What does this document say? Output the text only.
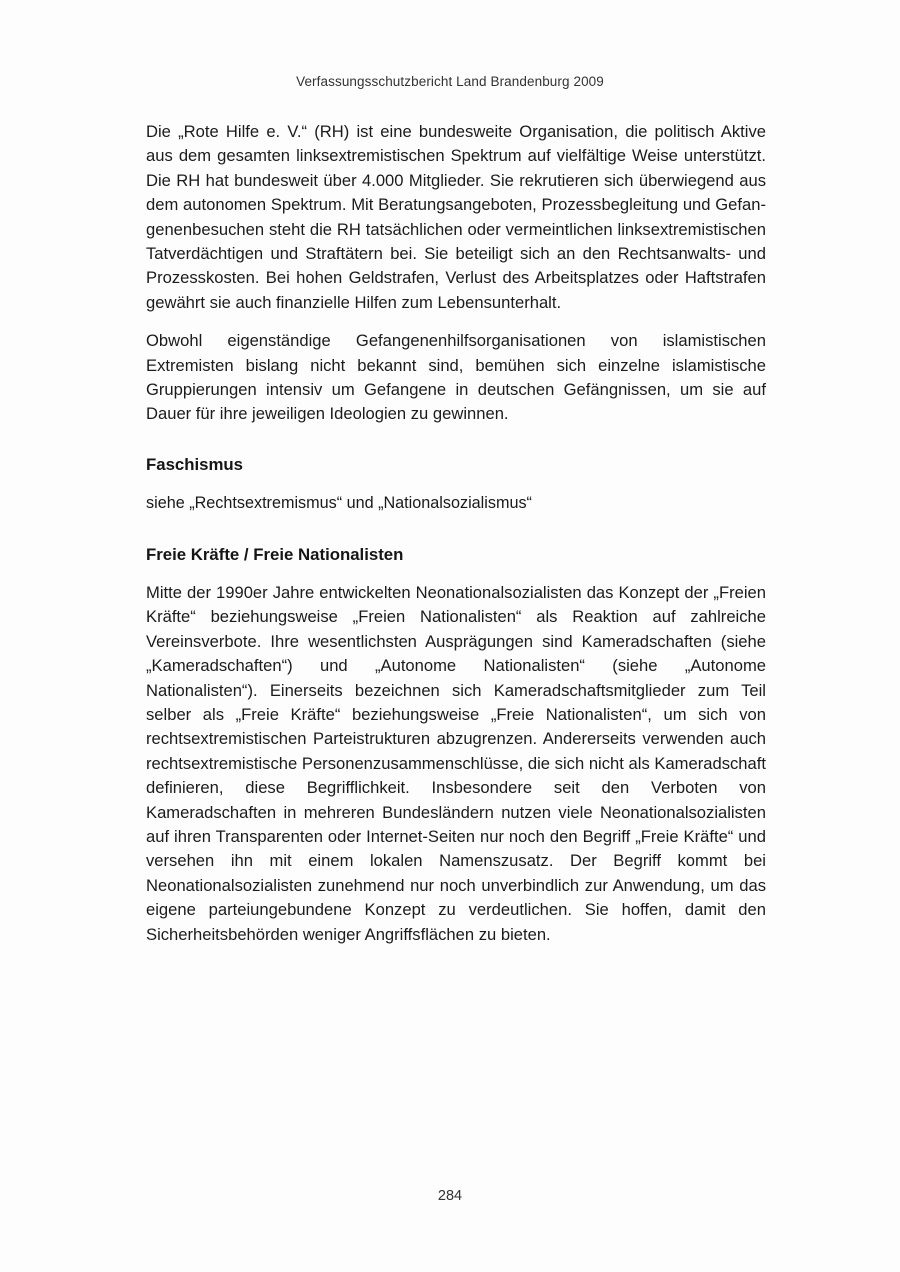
Verfassungsschutzbericht Land Brandenburg 2009

Die „Rote Hilfe e. V.“ (RH) ist eine bundesweite Organisation, die politisch Aktive aus dem gesamten linksextremistischen Spektrum auf vielfältige Weise unterstützt. Die RH hat bundesweit über 4.000 Mitglieder. Sie rekrutieren sich überwiegend aus dem autonomen Spektrum. Mit Beratungsangeboten, Prozessbegleitung und Gefangenenbesuchen steht die RH tatsächlichen oder vermeintlichen linksextremistischen Tatverdächtigen und Straftätern bei. Sie beteiligt sich an den Rechtsanwalts- und Prozesskosten. Bei hohen Geldstrafen, Verlust des Arbeitsplatzes oder Haftstrafen gewährt sie auch finanzielle Hilfen zum Lebensunterhalt.

Obwohl eigenständige Gefangenenhilfsorganisationen von islamistischen Extremisten bislang nicht bekannt sind, bemühen sich einzelne islamistische Gruppierungen intensiv um Gefangene in deutschen Gefängnissen, um sie auf Dauer für ihre jeweiligen Ideologien zu gewinnen.

Faschismus

siehe „Rechtsextremismus“ und „Nationalsozialismus“

Freie Kräfte / Freie Nationalisten

Mitte der 1990er Jahre entwickelten Neonationalsozialisten das Konzept der „Freien Kräfte“ beziehungsweise „Freien Nationalisten“ als Reaktion auf zahlreiche Vereinsverbote. Ihre wesentlichsten Ausprägungen sind Kameradschaften (siehe „Kameradschaften“) und „Autonome Nationalisten“ (siehe „Autonome Nationalisten“). Einerseits bezeichnen sich Kameradschaftsmitglieder zum Teil selber als „Freie Kräfte“ beziehungsweise „Freie Nationalisten“, um sich von rechtsextremistischen Parteistrukturen abzugrenzen. Andererseits verwenden auch rechtsextremistische Personenzusammenschlüsse, die sich nicht als Kameradschaft definieren, diese Begrifflichkeit. Insbesondere seit den Verboten von Kameradschaften in mehreren Bundesländern nutzen viele Neonationalsozialisten auf ihren Transparenten oder Internet-Seiten nur noch den Begriff „Freie Kräfte“ und versehen ihn mit einem lokalen Namenszusatz. Der Begriff kommt bei Neonationalsozialisten zunehmend nur noch unverbindlich zur Anwendung, um das eigene parteiungebundene Konzept zu verdeutlichen. Sie hoffen, damit den Sicherheitsbehörden weniger Angriffsflächen zu bieten.

284
